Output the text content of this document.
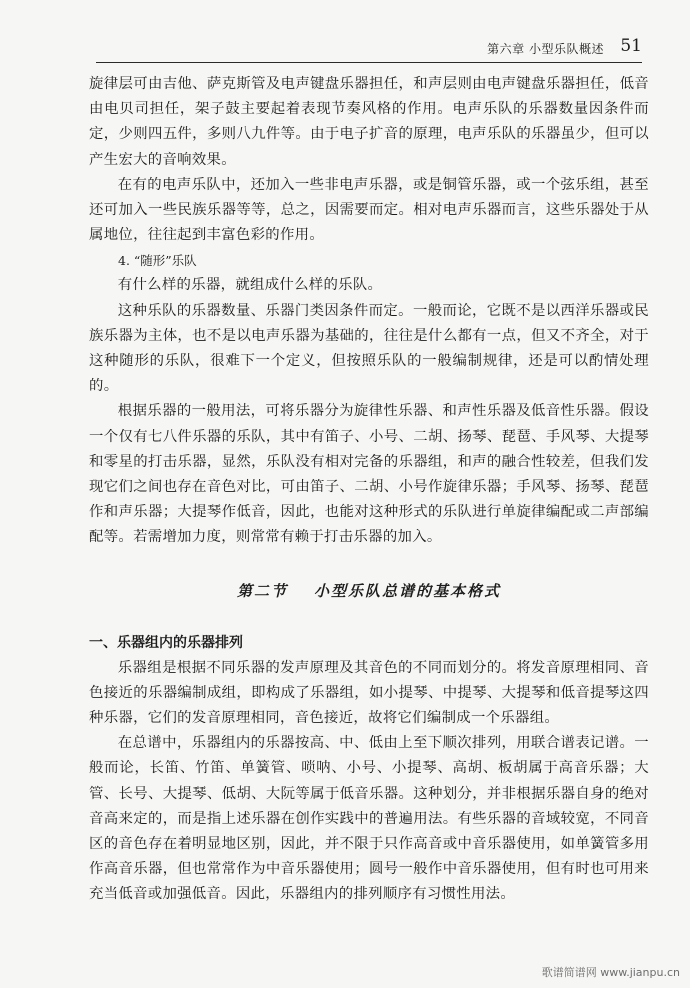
第六章 小型乐队概述 51

旋律层可由吉他、萨克斯管及电声键盘乐器担任，和声层则由电声键盘乐器担任，低音由电贝司担任，架子鼓主要起着表现节奏风格的作用。电声乐队的乐器数量因条件而定，少则四五件，多则八九件等。由于电子扩音的原理，电声乐队的乐器虽少，但可以产生宏大的音响效果。

在有的电声乐队中，还加入一些非电声乐器，或是铜管乐器，或一个弦乐组，甚至还可加入一些民族乐器等等，总之，因需要而定。相对电声乐器而言，这些乐器处于从属地位，往往起到丰富色彩的作用。

4. “随形”乐队

有什么样的乐器，就组成什么样的乐队。

这种乐队的乐器数量、乐器门类因条件而定。一般而论，它既不是以西洋乐器或民族乐器为主体，也不是以电声乐器为基础的，往往是什么都有一点，但又不齐全，对于这种随形的乐队，很难下一个定义，但按照乐队的一般编制规律，还是可以酌情处理的。

根据乐器的一般用法，可将乐器分为旋律性乐器、和声性乐器及低音性乐器。假设一个仅有七八件乐器的乐队，其中有笛子、小号、二胡、扬琴、琵琶、手风琴、大提琴和零星的打击乐器，显然，乐队没有相对完备的乐器组，和声的融合性较差，但我们发现它们之间也存在音色对比，可由笛子、二胡、小号作旋律乐器；手风琴、扬琴、琵琶作和声乐器；大提琴作低音，因此，也能对这种形式的乐队进行单旋律编配或二声部编配等。若需增加力度，则常常有赖于打击乐器的加入。

第二节 小型乐队总谱的基本格式
一、乐器组内的乐器排列

乐器组是根据不同乐器的发声原理及其音色的不同而划分的。将发音原理相同、音色接近的乐器编制成组，即构成了乐器组，如小提琴、中提琴、大提琴和低音提琴这四种乐器，它们的发音原理相同，音色接近，故将它们编制成一个乐器组。

在总谱中，乐器组内的乐器按高、中、低由上至下顺次排列，用联合谱表记谱。一般而论，长笛、竹笛、单簧管、唢呐、小号、小提琴、高胡、板胡属于高音乐器；大管、长号、大提琴、低胡、大阮等属于低音乐器。这种划分，并非根据乐器自身的绝对音高来定的，而是指上述乐器在创作实践中的普遍用法。有些乐器的音域较宽，不同音区的音色存在着明显地区别，因此，并不限于只作高音或中音乐器使用，如单簧管多用作高音乐器，但也常常作为中音乐器使用；圆号一般作中音乐器使用，但有时也可用来充当低音或加强低音。因此，乐器组内的排列顺序有习惯性用法。

歌谱简谱网 www.jianpu.cn
